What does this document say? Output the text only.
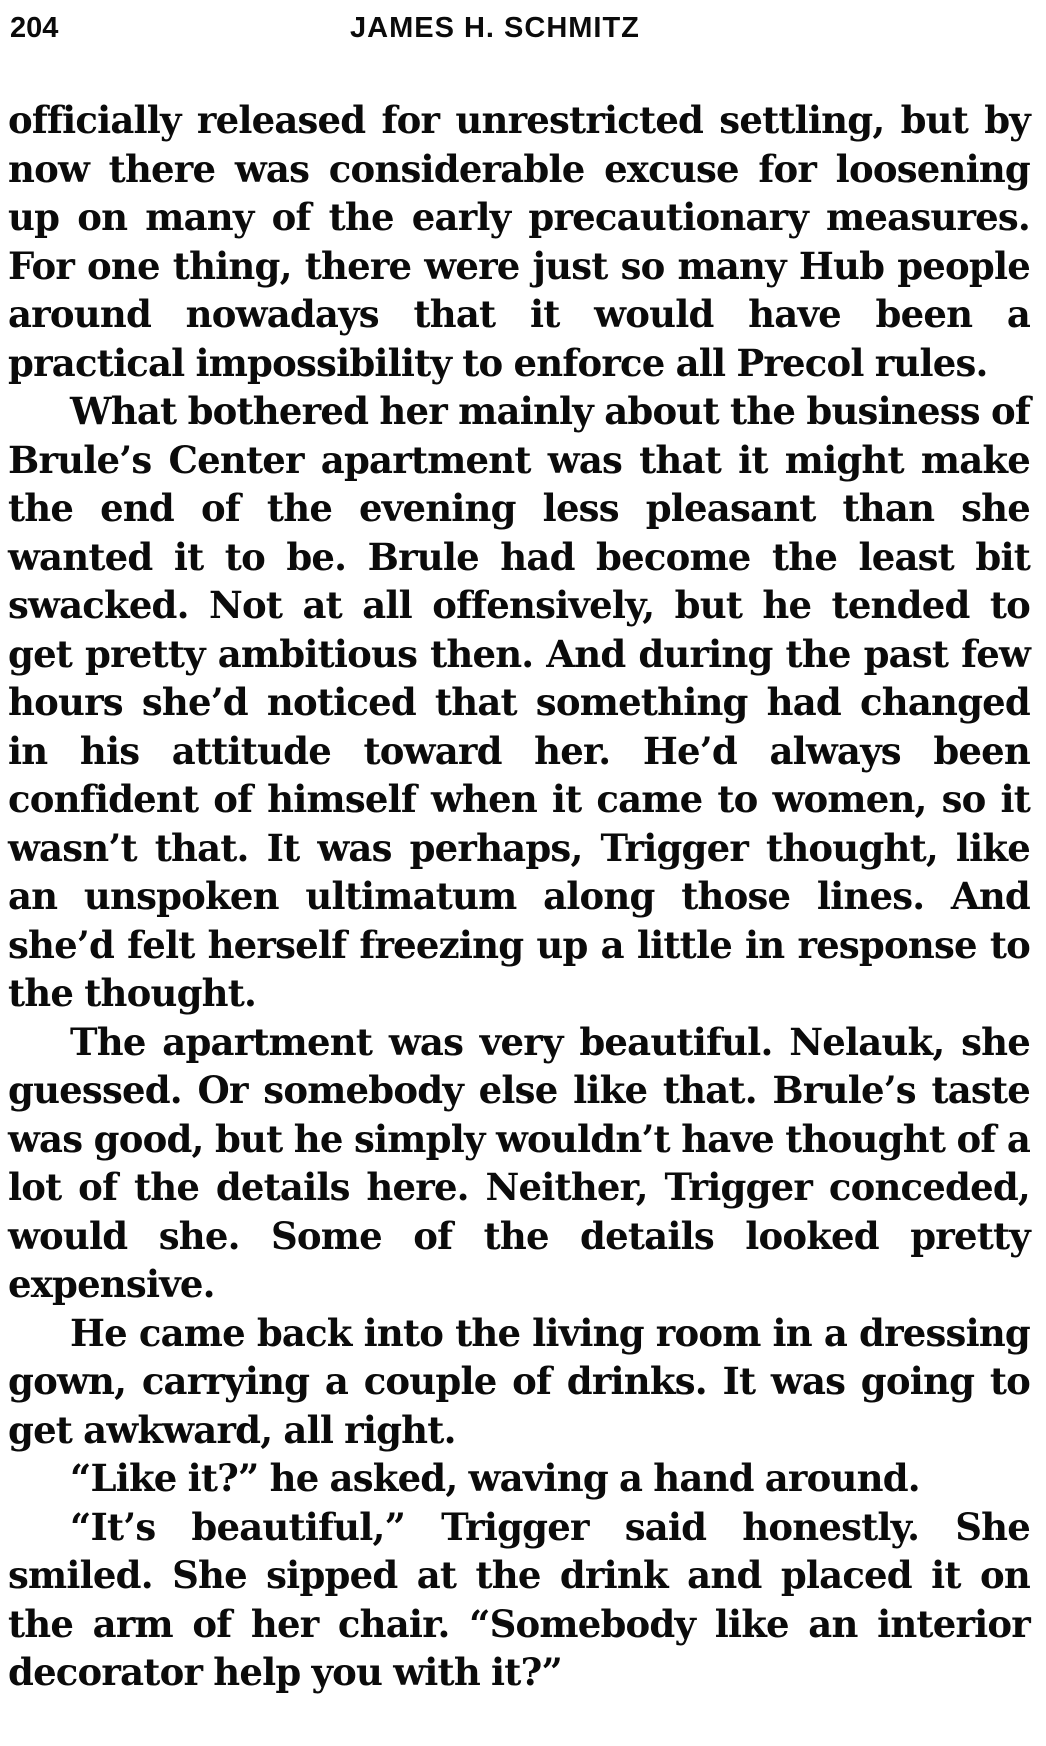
204	JAMES H. SCHMITZ

officially released for unrestricted settling, but by now there was considerable excuse for loosening up on many of the early precautionary measures. For one thing, there were just so many Hub people around nowadays that it would have been a practical impossibility to enforce all Precol rules.

What bothered her mainly about the business of Brule’s Center apartment was that it might make the end of the evening less pleasant than she wanted it to be. Brule had become the least bit swacked. Not at all offensively, but he tended to get pretty ambitious then. And during the past few hours she’d noticed that something had changed in his attitude toward her. He’d always been confident of himself when it came to women, so it wasn’t that. It was perhaps, Trigger thought, like an unspoken ultimatum along those lines. And she’d felt herself freezing up a little in response to the thought.

The apartment was very beautiful. Nelauk, she guessed. Or somebody else like that. Brule’s taste was good, but he simply wouldn’t have thought of a lot of the details here. Neither, Trigger conceded, would she. Some of the details looked pretty expensive.

He came back into the living room in a dressing gown, carrying a couple of drinks. It was going to get awkward, all right.

“Like it?” he asked, waving a hand around.

“It’s beautiful,” Trigger said honestly. She smiled. She sipped at the drink and placed it on the arm of her chair. “Somebody like an interior decorator help you with it?”
